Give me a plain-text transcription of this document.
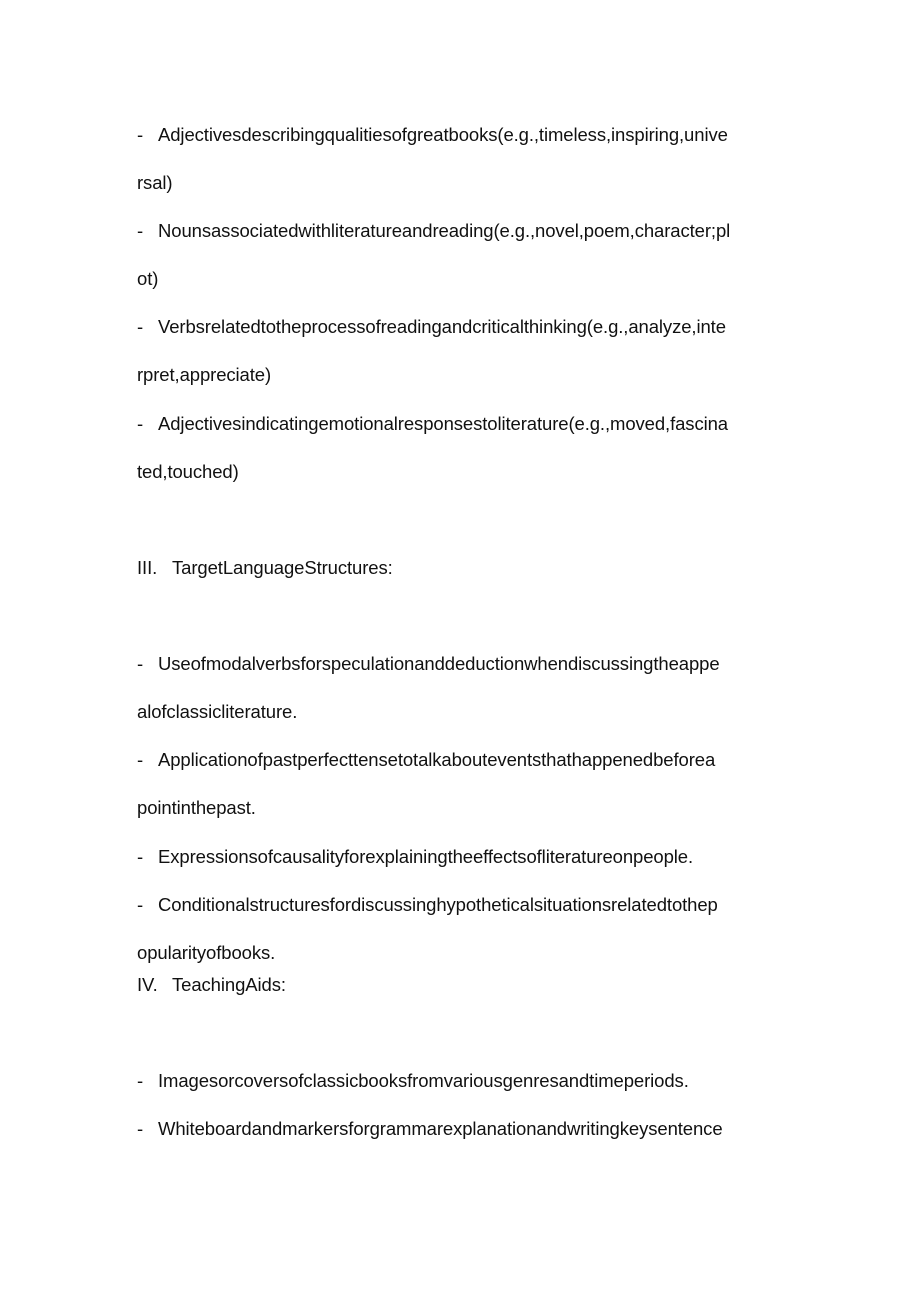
- Adjectivesdescribingqualitiesofgreatbooks(e.g.,timeless,inspiring,unive
rsal)
- Nounsassociatedwithliteratureandreading(e.g.,novel,poem,character;pl
ot)
- Verbsrelatedtotheprocessofreadingandcriticalthinking(e.g.,analyze,inte
rpret,appreciate)
- Adjectivesindicatingemotionalresponsestoliterature(e.g.,moved,fascina
ted,touched)
III. TargetLanguageStructures:
- Useofmodalverbsforspeculationanddeductionwhendiscussingtheappe
alofclassicliterature.
- Applicationofpastperfecttensetotalkabouteventsthathappenedbeforea
pointinthepast.
- Expressionsofcausalityforexplainingtheeffectsofliteratureonpeople.
- Conditionalstructuresfordiscussinghypotheticalsituationsrelatedtothep
opularityofbooks.
IV. TeachingAids:
- Imagesorcoversofclassicbooksfromvariousgenresandtimeperiods.
- Whiteboardandmarkersforgrammarexplanationandwritingkeysentence
